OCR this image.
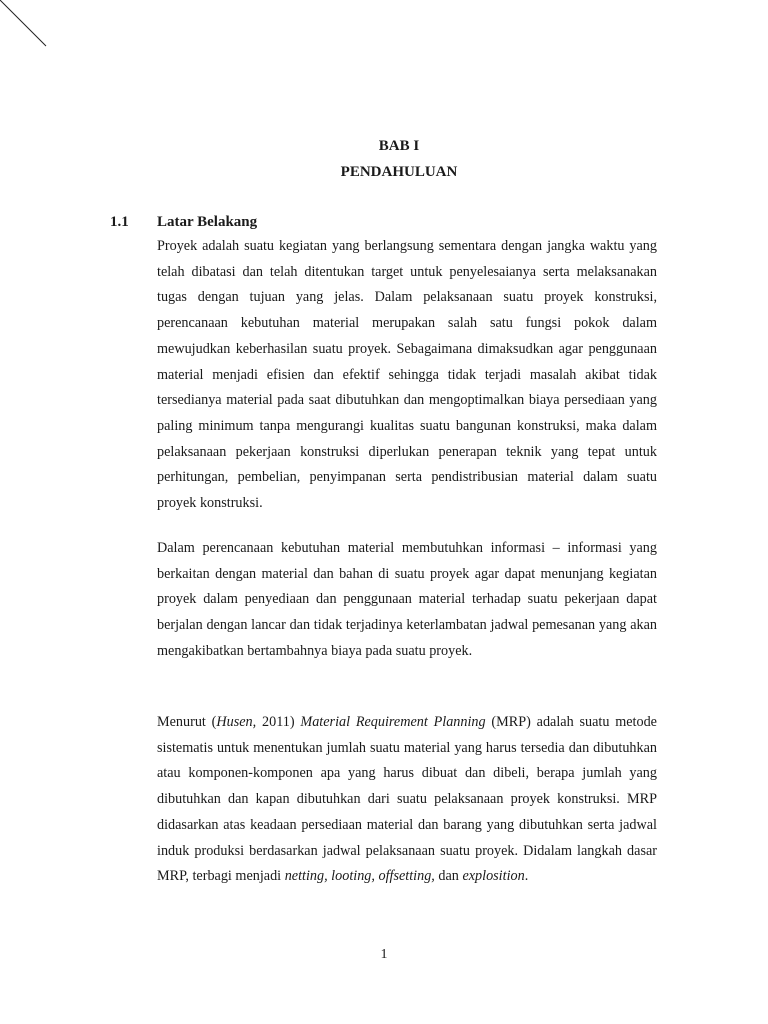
BAB I
PENDAHULUAN
1.1 Latar Belakang

Proyek adalah suatu kegiatan yang berlangsung sementara dengan jangka waktu yang telah dibatasi dan telah ditentukan target untuk penyelesaianya serta melaksanakan tugas dengan tujuan yang jelas. Dalam pelaksanaan suatu proyek konstruksi, perencanaan kebutuhan material merupakan salah satu fungsi pokok dalam mewujudkan keberhasilan suatu proyek. Sebagaimana dimaksudkan agar penggunaan material menjadi efisien dan efektif sehingga tidak terjadi masalah akibat tidak tersedianya material pada saat dibutuhkan dan mengoptimalkan biaya persediaan yang paling minimum tanpa mengurangi kualitas suatu bangunan konstruksi, maka dalam pelaksanaan pekerjaan konstruksi diperlukan penerapan teknik yang tepat untuk perhitungan, pembelian, penyimpanan serta pendistribusian material dalam suatu proyek konstruksi.

Dalam perencanaan kebutuhan material membutuhkan informasi – informasi yang berkaitan dengan material dan bahan di suatu proyek agar dapat menunjang kegiatan proyek dalam penyediaan dan penggunaan material terhadap suatu pekerjaan dapat berjalan dengan lancar dan tidak terjadinya keterlambatan jadwal pemesanan yang akan mengakibatkan bertambahnya biaya pada suatu proyek.

Menurut (Husen, 2011) Material Requirement Planning (MRP) adalah suatu metode sistematis untuk menentukan jumlah suatu material yang harus tersedia dan dibutuhkan atau komponen-komponen apa yang harus dibuat dan dibeli, berapa jumlah yang dibutuhkan dan kapan dibutuhkan dari suatu pelaksanaan proyek konstruksi. MRP didasarkan atas keadaan persediaan material dan barang yang dibutuhkan serta jadwal induk produksi berdasarkan jadwal pelaksanaan suatu proyek. Didalam langkah dasar MRP, terbagi menjadi netting, looting, offsetting, dan explosition.

1
